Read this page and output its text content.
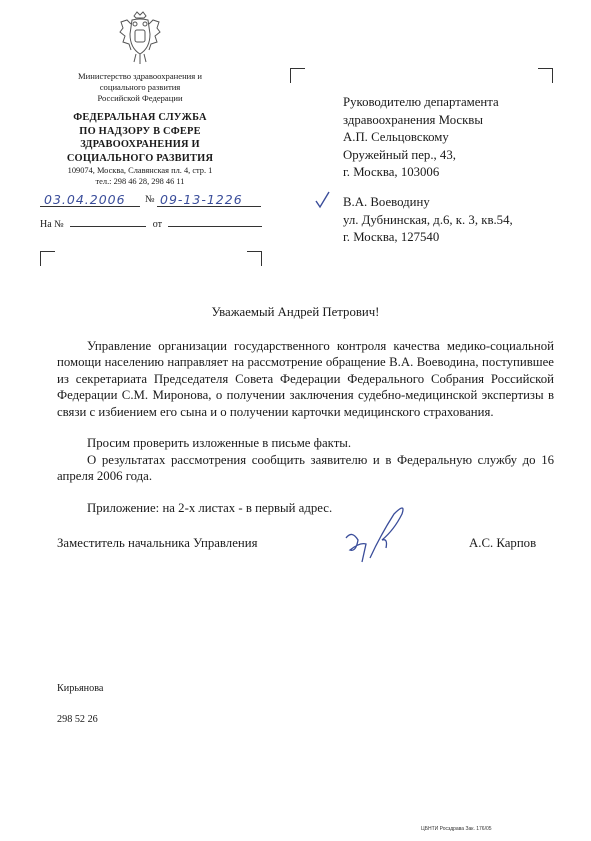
Министерство здравоохранения и
социального развития
Российской Федерации
ФЕДЕРАЛЬНАЯ СЛУЖБА
ПО НАДЗОРУ В СФЕРЕ
ЗДРАВООХРАНЕНИЯ И
СОЦИАЛЬНОГО РАЗВИТИЯ
109074, Москва, Славянская пл. 4, стр. 1
тел.: 298 46 28, 298 46 11
03.04.2006 № 09-13-1226
На №	от
Руководителю департамента
здравоохранения Москвы
А.П. Сельцовскому
Оружейный пер., 43,
г. Москва, 103006
В.А. Воеводину
ул. Дубнинская, д.6, к. 3, кв.54,
г. Москва, 127540
Уважаемый Андрей Петрович!
Управление организации государственного контроля качества медико-социальной помощи населению направляет на рассмотрение обращение В.А. Воеводина, поступившее из секретариата Председателя Совета Федерации Федерального Собрания Российской Федерации С.М. Миронова, о получении заключения судебно-медицинской экспертизы в связи с избиением его сына и о получении карточки медицинского страхования.
Просим проверить изложенные в письме факты.
О результатах рассмотрения сообщить заявителю и в Федеральную службу до 16 апреля 2006 года.
Приложение: на 2-х листах - в первый адрес.
Заместитель начальника Управления	А.С. Карпов
Кирьянова
298 52 26
ЦБНТИ Росздрава Зак. 176/05
